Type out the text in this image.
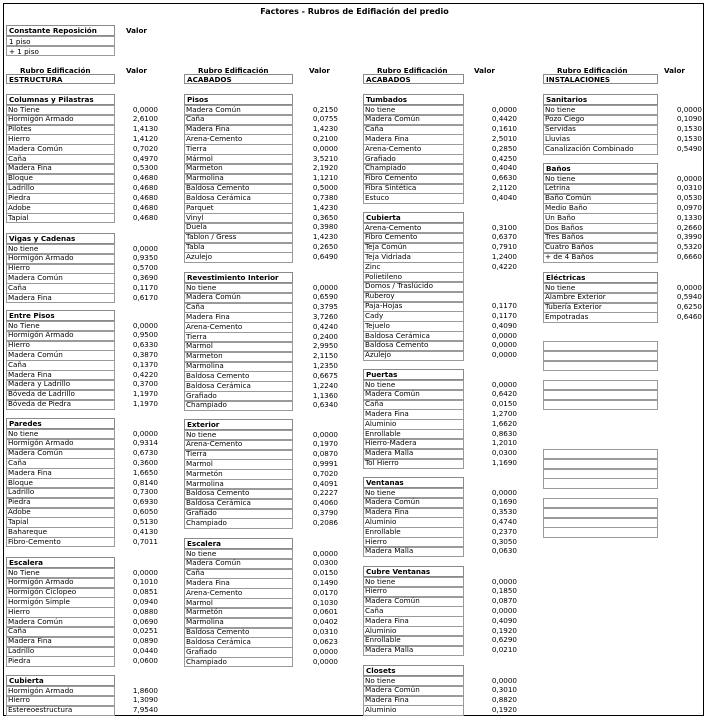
Factores - Rubros de Edifiación del predio
Constante Reposición	Valor
1 piso
+ 1 piso
Rubro Edificación	Valor
ESTRUCTURA
Columnas y Pilastras
No Tiene	0,0000
Hormigón Armado	2,6100
Pilotes	1,4130
Hierro	1,4120
Madera Común	0,7020
Caña	0,4970
Madera Fina	0,5300
Bloque	0,4680
Ladrillo	0,4680
Piedra	0,4680
Adobe	0,4680
Tapial	0,4680
Vigas y Cadenas
No tiene	0,0000
Hormigón Armado	0,9350
Hierro	0,5700
Madera Común	0,3690
Caña	0,1170
Madera Fina	0,6170
Entre Pisos
No Tiene	0,0000
Hormigón Armado	0,9500
Hierro	0,6330
Madera Común	0,3870
Caña	0,1370
Madera Fina	0,4220
Madera y Ladrillo	0,3700
Bóveda de Ladrillo	1,1970
Bóveda de Piedra	1,1970
Paredes
No tiene	0,0000
Hormigón Armado	0,9314
Madera Común	0,6730
Caña	0,3600
Madera Fina	1,6650
Bloque	0,8140
Ladrillo	0,7300
Piedra	0,6930
Adobe	0,6050
Tapial	0,5130
Bahareque	0,4130
Fibro-Cemento	0,7011
Escalera
No Tiene	0,0000
Hormigón Armado	0,1010
Hormigón Ciclopeo	0,0851
Hormigón Simple	0,0940
Hierro	0,0880
Madera Común	0,0690
Caña	0,0251
Madera Fina	0,0890
Ladrillo	0,0440
Piedra	0,0600
Cubierta
Hormigón Armado	1,8600
Hierro	1,3090
Estereoestructura	7,9540
Rubro Edificación	Valor
ACABADOS
Pisos
Madera Común	0,2150
Caña	0,0755
Madera Fina	1,4230
Arena-Cemento	0,2100
Tierra	0,0000
Mármol	3,5210
Marmeton	2,1920
Marmolina	1,1210
Baldosa Cemento	0,5000
Baldosa Cerámica	0,7380
Parquet	1,4230
Vinyl	0,3650
Duela	0,3980
Tablon / Gress	1,4230
Tabla	0,2650
Azulejo	0,6490
Revestimiento Interior
No tiene	0,0000
Madera Común	0,6590
Caña	0,3795
Madera Fina	3,7260
Arena-Cemento	0,4240
Tierra	0,2400
Marmol	2,9950
Marmeton	2,1150
Marmolina	1,2350
Baldosa Cemento	0,6675
Baldosa Cerámica	1,2240
Grafiado	1,1360
Champiado	0,6340
Exterior
No tiene	0,0000
Arena-Cemento	0,1970
Tierra	0,0870
Marmol	0,9991
Marmetón	0,7020
Marmolina	0,4091
Baldosa Cemento	0,2227
Baldosa Cerámica	0,4060
Grafiado	0,3790
Champiado	0,2086
Escalera
No tiene	0,0000
Madera Común	0,0300
Caña	0,0150
Madera Fina	0,1490
Arena-Cemento	0,0170
Marmol	0,1030
Marmetón	0,0601
Marmolina	0,0402
Baldosa Cemento	0,0310
Baldosa Cerámica	0,0623
Grafiado	0,0000
Champiado	0,0000
Rubro Edificación	Valor
ACABADOS
Tumbados
No tiene	0,0000
Madera Común	0,4420
Caña	0,1610
Madera Fina	2,5010
Arena-Cemento	0,2850
Grafiado	0,4250
Champiado	0,4040
Fibro Cemento	0,6630
Fibra Sintética	2,1120
Estuco	0,4040
Cubierta
Arena-Cemento	0,3100
Fibro Cemento	0,6370
Teja Común	0,7910
Teja Vidriada	1,2400
Zinc	0,4220
Polietileno
Domos / Traslúcido
Ruberoy
Paja-Hojas	0,1170
Cady	0,1170
Tejuelo	0,4090
Baldosa Cerámica	0,0000
Baldosa Cemento	0,0000
Azulejo	0,0000
Puertas
No tiene	0,0000
Madera Común	0,6420
Caña	0,0150
Madera Fina	1,2700
Aluminio	1,6620
Enrollable	0,8630
Hierro-Madera	1,2010
Madera Malla	0,0300
Tol Hierro	1,1690
Ventanas
No tiene	0,0000
Madera Común	0,1690
Madera Fina	0,3530
Aluminio	0,4740
Enrollable	0,2370
Hierro	0,3050
Madera Malla	0,0630
Cubre Ventanas
No tiene	0,0000
Hierro	0,1850
Madera Común	0,0870
Caña	0,0000
Madera Fina	0,4090
Aluminio	0,1920
Enrollable	0,6290
Madera Malla	0,0210
Closets
No tiene	0,0000
Madera Común	0,3010
Madera Fina	0,8820
Aluminio	0,1920
Rubro Edificación	Valor
INSTALACIONES
Sanitarios
No tiene	0,0000
Pozo Ciego	0,1090
Servidas	0,1530
Lluvias	0,1530
Canalización Combinado	0,5490
Baños
No tiene	0,0000
Letrina	0,0310
Baño Común	0,0530
Medio Baño	0,0970
Un Baño	0,1330
Dos Baños	0,2660
Tres Baños	0,3990
Cuatro Baños	0,5320
+ de 4 Baños	0,6660
Eléctricas
No tiene	0,0000
Alambre Exterior	0,5940
Tubería Exterior	0,6250
Empotradas	0,6460
